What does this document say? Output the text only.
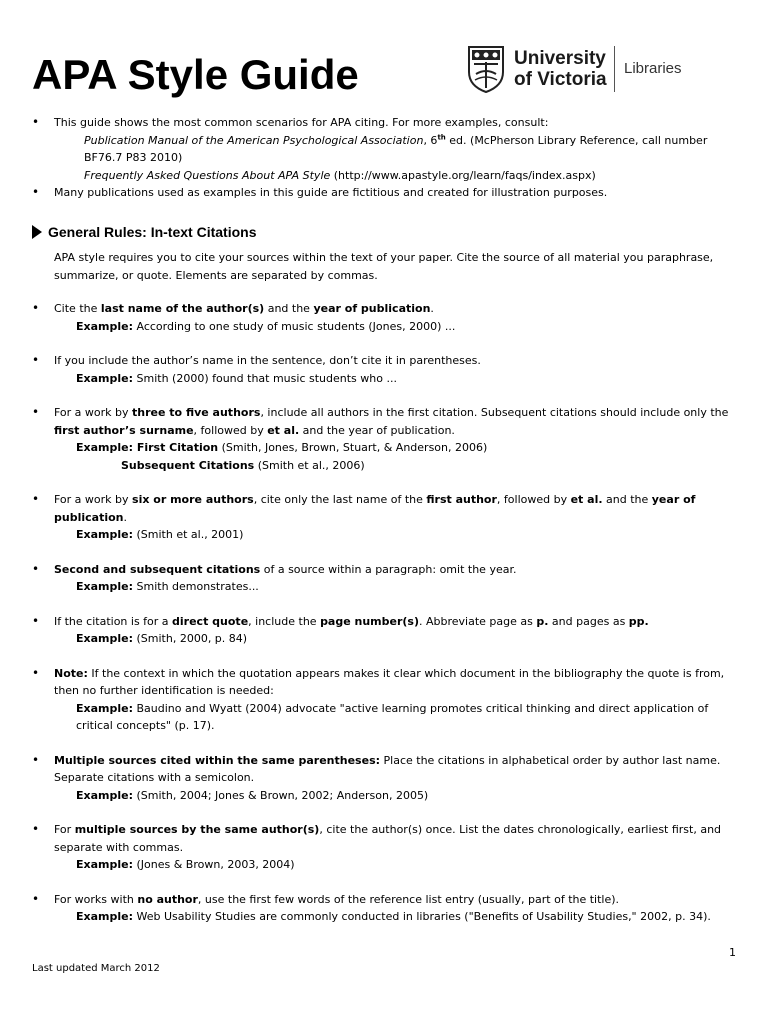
APA Style Guide	University
of Victoria
Libraries
• This guide shows the most common scenarios for APA citing. For more examples, consult:
Publication Manual of the American Psychological Association, 6th ed. (McPherson Library Reference, call number BF76.7 P83 2010)
Frequently Asked Questions About APA Style (http://www.apastyle.org/learn/faqs/index.aspx)
• Many publications used as examples in this guide are fictitious and created for illustration purposes.
General Rules: In-text Citations
APA style requires you to cite your sources within the text of your paper. Cite the source of all material you paraphrase, summarize, or quote. Elements are separated by commas.
• Cite the last name of the author(s) and the year of publication.
Example: According to one study of music students (Jones, 2000) ...
• If you include the author’s name in the sentence, don’t cite it in parentheses.
Example: Smith (2000) found that music students who ...
• For a work by three to five authors, include all authors in the first citation. Subsequent citations should include only the first author’s surname, followed by et al. and the year of publication.
Example: First Citation (Smith, Jones, Brown, Stuart, & Anderson, 2006)
Subsequent Citations (Smith et al., 2006)
• For a work by six or more authors, cite only the last name of the first author, followed by et al. and the year of publication.
Example: (Smith et al., 2001)
• Second and subsequent citations of a source within a paragraph: omit the year.
Example: Smith demonstrates...
• If the citation is for a direct quote, include the page number(s). Abbreviate page as p. and pages as pp.
Example: (Smith, 2000, p. 84)
• Note: If the context in which the quotation appears makes it clear which document in the bibliography the quote is from, then no further identification is needed:
Example: Baudino and Wyatt (2004) advocate "active learning promotes critical thinking and direct application of critical concepts" (p. 17).
• Multiple sources cited within the same parentheses: Place the citations in alphabetical order by author last name. Separate citations with a semicolon.
Example: (Smith, 2004; Jones & Brown, 2002; Anderson, 2005)
• For multiple sources by the same author(s), cite the author(s) once. List the dates chronologically, earliest first, and separate with commas.
Example: (Jones & Brown, 2003, 2004)
• For works with no author, use the first few words of the reference list entry (usually, part of the title).
Example: Web Usability Studies are commonly conducted in libraries ("Benefits of Usability Studies," 2002, p. 34).
1
Last updated March 2012
